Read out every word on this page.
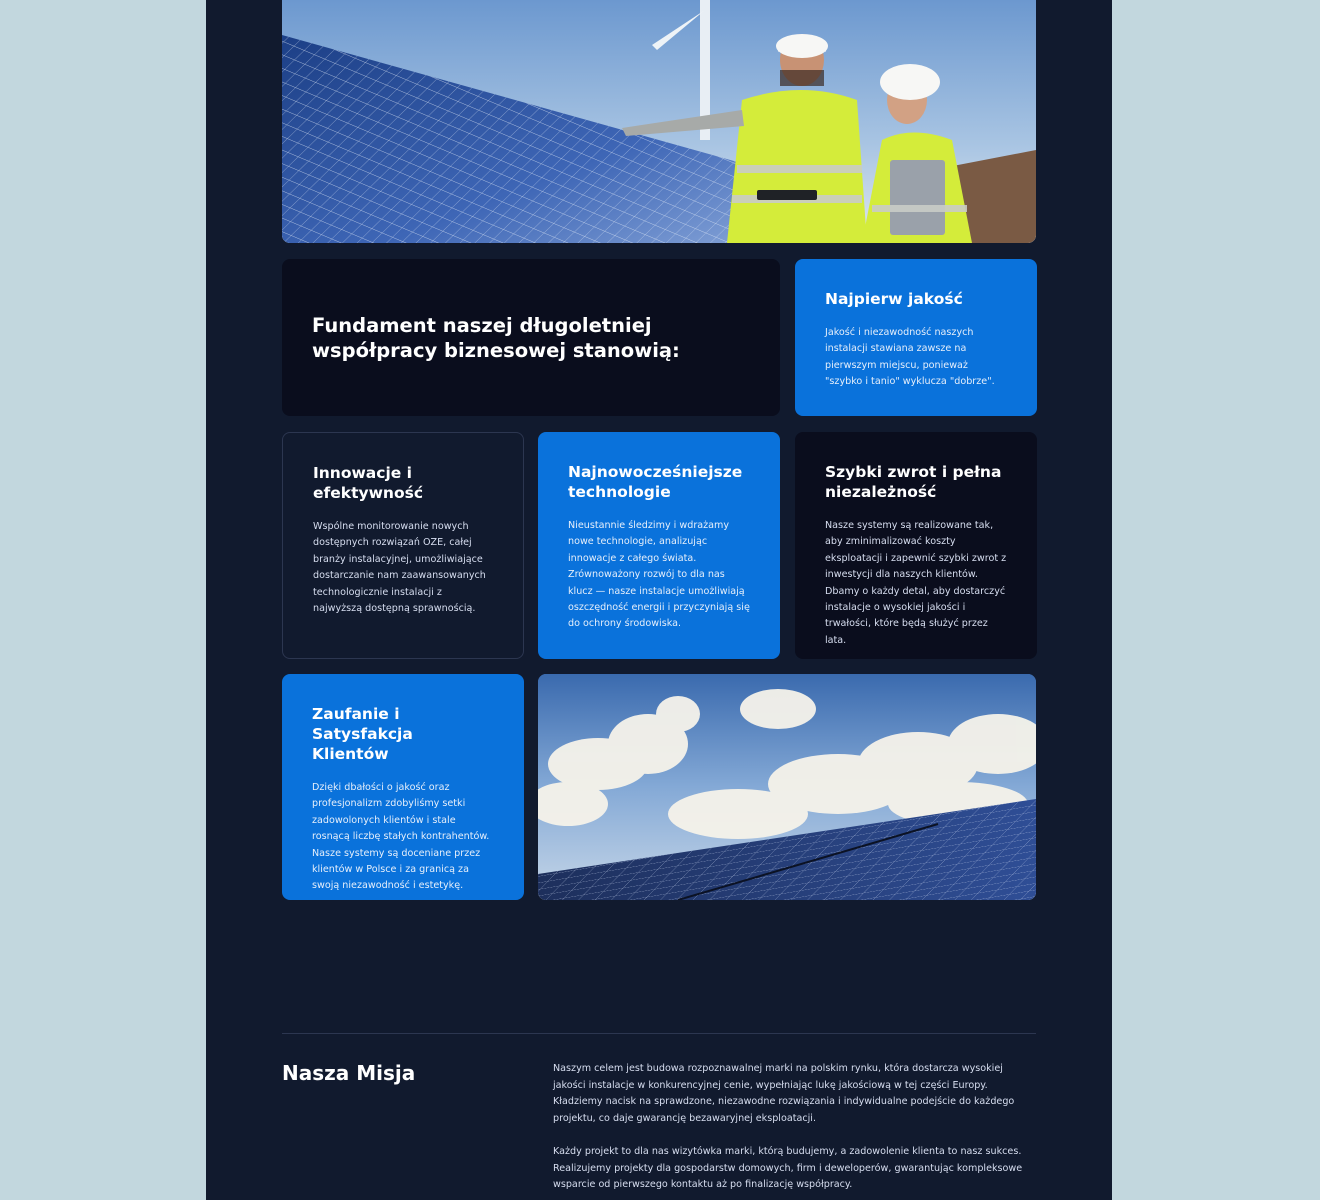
Fundament naszej długoletniej współpracy biznesowej stanowią:
Najpierw jakość

Jakość i niezawodność naszych instalacji stawiana zawsze na pierwszym miejscu, ponieważ "szybko i tanio" wyklucza "dobrze".

Innowacje i efektywność

Wspólne monitorowanie nowych dostępnych rozwiązań OZE, całej branży instalacyjnej, umożliwiające dostarczanie nam zaawansowanych technologicznie instalacji z najwyższą dostępną sprawnością.

Najnowocześniejsze technologie

Nieustannie śledzimy i wdrażamy nowe technologie, analizując innowacje z całego świata. Zrównoważony rozwój to dla nas klucz — nasze instalacje umożliwiają oszczędność energii i przyczyniają się do ochrony środowiska.

Szybki zwrot i pełna niezależność

Nasze systemy są realizowane tak, aby zminimalizować koszty eksploatacji i zapewnić szybki zwrot z inwestycji dla naszych klientów. Dbamy o każdy detal, aby dostarczyć instalacje o wysokiej jakości i trwałości, które będą służyć przez lata.

Zaufanie i Satysfakcja Klientów

Dzięki dbałości o jakość oraz profesjonalizm zdobyliśmy setki zadowolonych klientów i stale rosnącą liczbę stałych kontrahentów. Nasze systemy są doceniane przez klientów w Polsce i za granicą za swoją niezawodność i estetykę.

Nasza Misja	Naszym celem jest budowa rozpoznawalnej marki na polskim rynku, która dostarcza wysokiej jakości instalacje w konkurencyjnej cenie, wypełniając lukę jakościową w tej części Europy. Kładziemy nacisk na sprawdzone, niezawodne rozwiązania i indywidualne podejście do każdego projektu, co daje gwarancję bezawaryjnej eksploatacji.

Każdy projekt to dla nas wizytówka marki, którą budujemy, a zadowolenie klienta to nasz sukces. Realizujemy projekty dla gospodarstw domowych, firm i deweloperów, gwarantując kompleksowe wsparcie od pierwszego kontaktu aż po finalizację współpracy.
